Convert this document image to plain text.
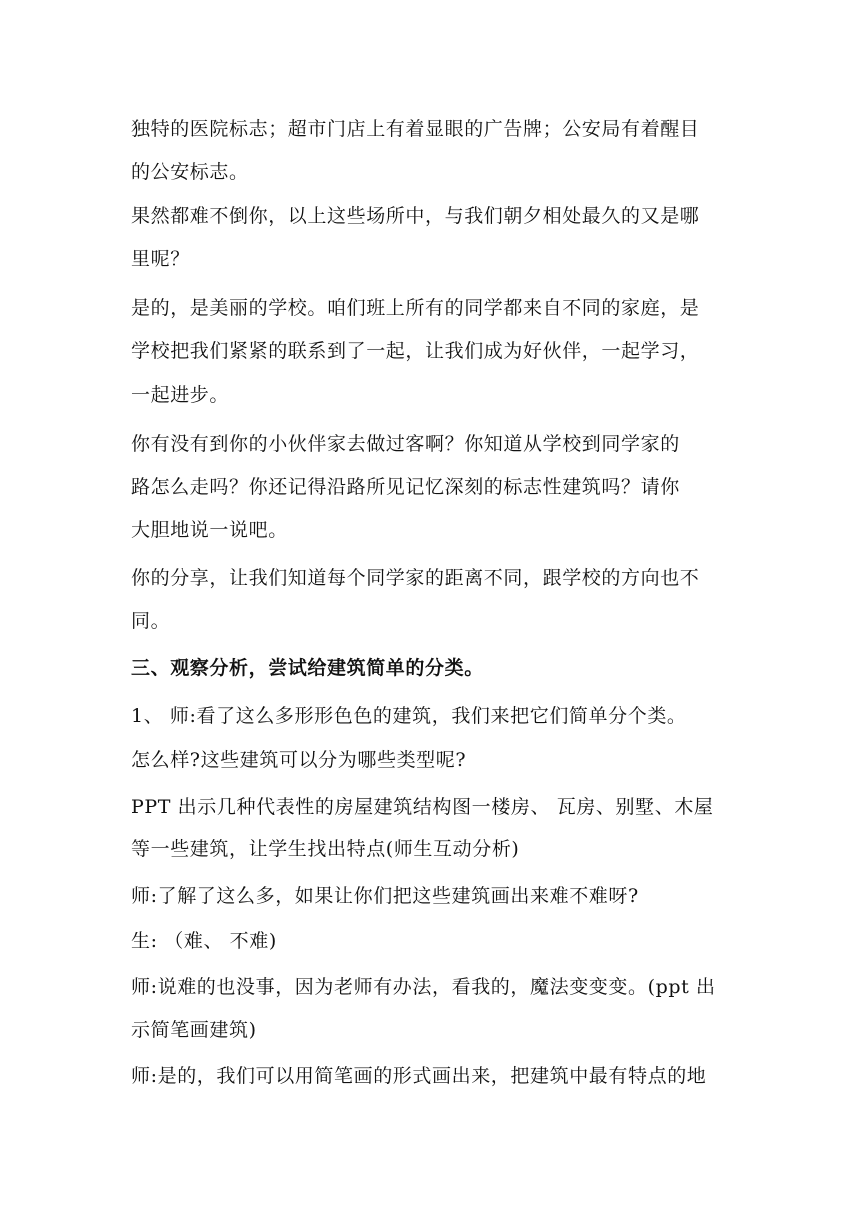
独特的医院标志；超市门店上有着显眼的广告牌；公安局有着醒目
的公安标志。
果然都难不倒你，以上这些场所中，与我们朝夕相处最久的又是哪
里呢？
是的，是美丽的学校。咱们班上所有的同学都来自不同的家庭，是
学校把我们紧紧的联系到了一起，让我们成为好伙伴，一起学习，
一起进步。
你有没有到你的小伙伴家去做过客啊？你知道从学校到同学家的
路怎么走吗？你还记得沿路所见记忆深刻的标志性建筑吗？请你
大胆地说一说吧。
你的分享，让我们知道每个同学家的距离不同，跟学校的方向也不
同。
三、观察分析，尝试给建筑简单的分类。
1、 师:看了这么多形形色色的建筑，我们来把它们简单分个类。
怎么样?这些建筑可以分为哪些类型呢?
PPT 出示几种代表性的房屋建筑结构图一楼房、 瓦房、别墅、木屋
等一些建筑，让学生找出特点(师生互动分析)
师:了解了这么多，如果让你们把这些建筑画出来难不难呀?
生: （难、 不难)
师:说难的也没事，因为老师有办法，看我的，魔法变变变。(ppt 出
示简笔画建筑)
师:是的，我们可以用简笔画的形式画出来，把建筑中最有特点的地
